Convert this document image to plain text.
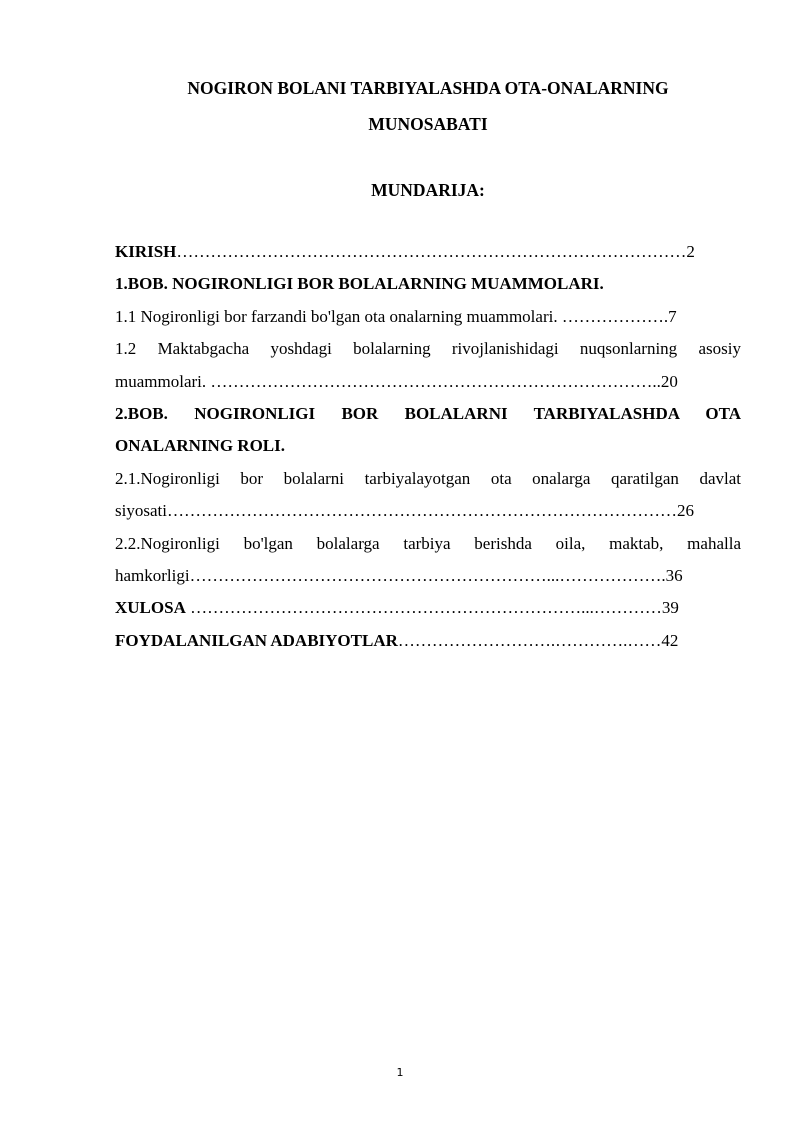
NOGIRON BOLANI TARBIYALASHDA OTA-ONALARNING
MUNOSABATI
MUNDARIJA:
KIRISH………………………………………………………………………………2
1.BOB. NOGIRONLIGI BOR BOLALARNING MUAMMOLARI.
1.1 Nogironligi bor farzandi bo'lgan ota onalarning muammolari. ……………….7
1.2 Maktabgacha yoshdagi bolalarning rivojlanishidagi nuqsonlarning asosiy
muammolari. ……………………………………………………………………..20
2.BOB. NOGIRONLIGI BOR BOLALARNI TARBIYALASHDA OTA
ONALARNING ROLI.
2.1.Nogironligi bor bolalarni tarbiyalayotgan ota onalarga qaratilgan davlat
siyosati………………………………………………………………………………26
2.2.Nogironligi bo'lgan bolalarga tarbiya berishda oila, maktab, mahalla
hamkorligi………………………………………………………...……………….36
XULOSA ……………………………………………………………...…………39
FOYDALANILGAN ADABIYOTLAR……………………….………….……42
1
